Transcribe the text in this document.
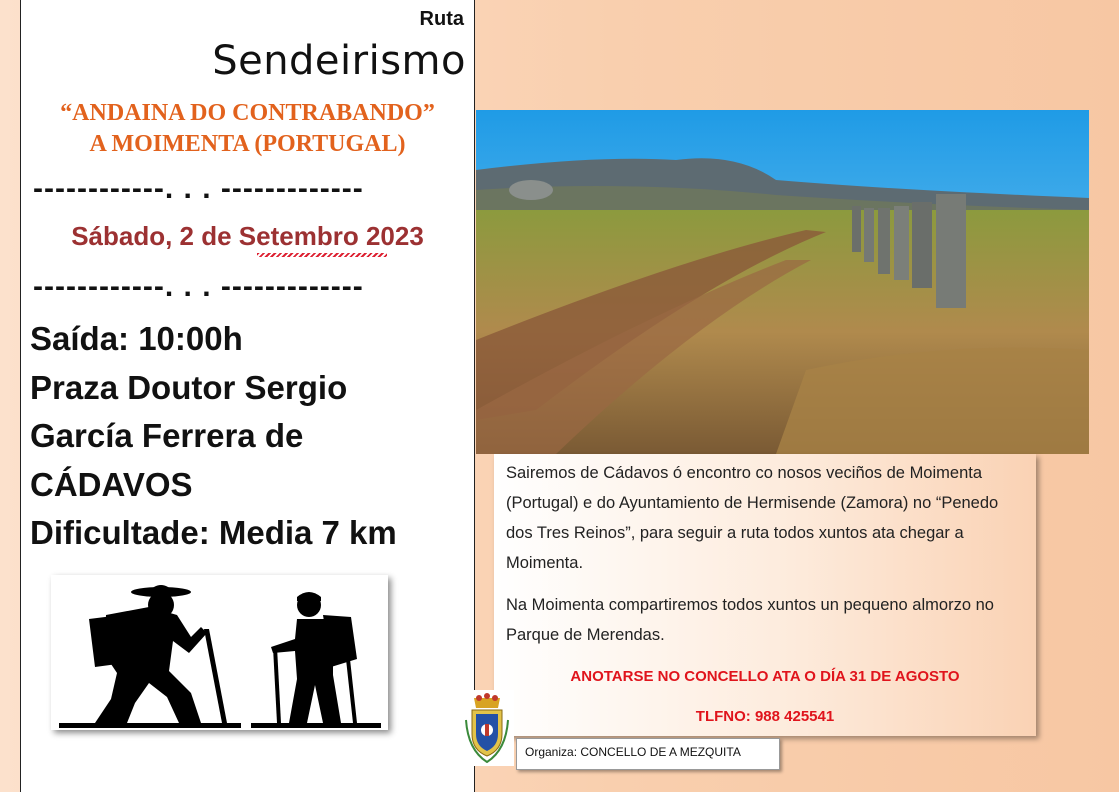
Ruta
Sendeirismo
“ANDAINA DO CONTRABANDO”
A MOIMENTA (PORTUGAL)
------------. . . -------------
Sábado, 2 de Setembro 2023
------------. . . -------------
Saída: 10:00h
Praza Doutor Sergio
García Ferrera de
CÁDAVOS
Dificultade: Media 7 km
Sairemos de Cádavos ó encontro co nosos veciños de Moimenta (Portugal) e do Ayuntamiento de Hermisende (Zamora) no “Penedo dos Tres Reinos”, para seguir a ruta todos xuntos ata chegar a Moimenta.
Na Moimenta compartiremos todos xuntos un pequeno almorzo no Parque de Merendas.
ANOTARSE NO CONCELLO ATA O DÍA 31 DE AGOSTO
TLFNO: 988 425541
Organiza: CONCELLO DE A MEZQUITA
